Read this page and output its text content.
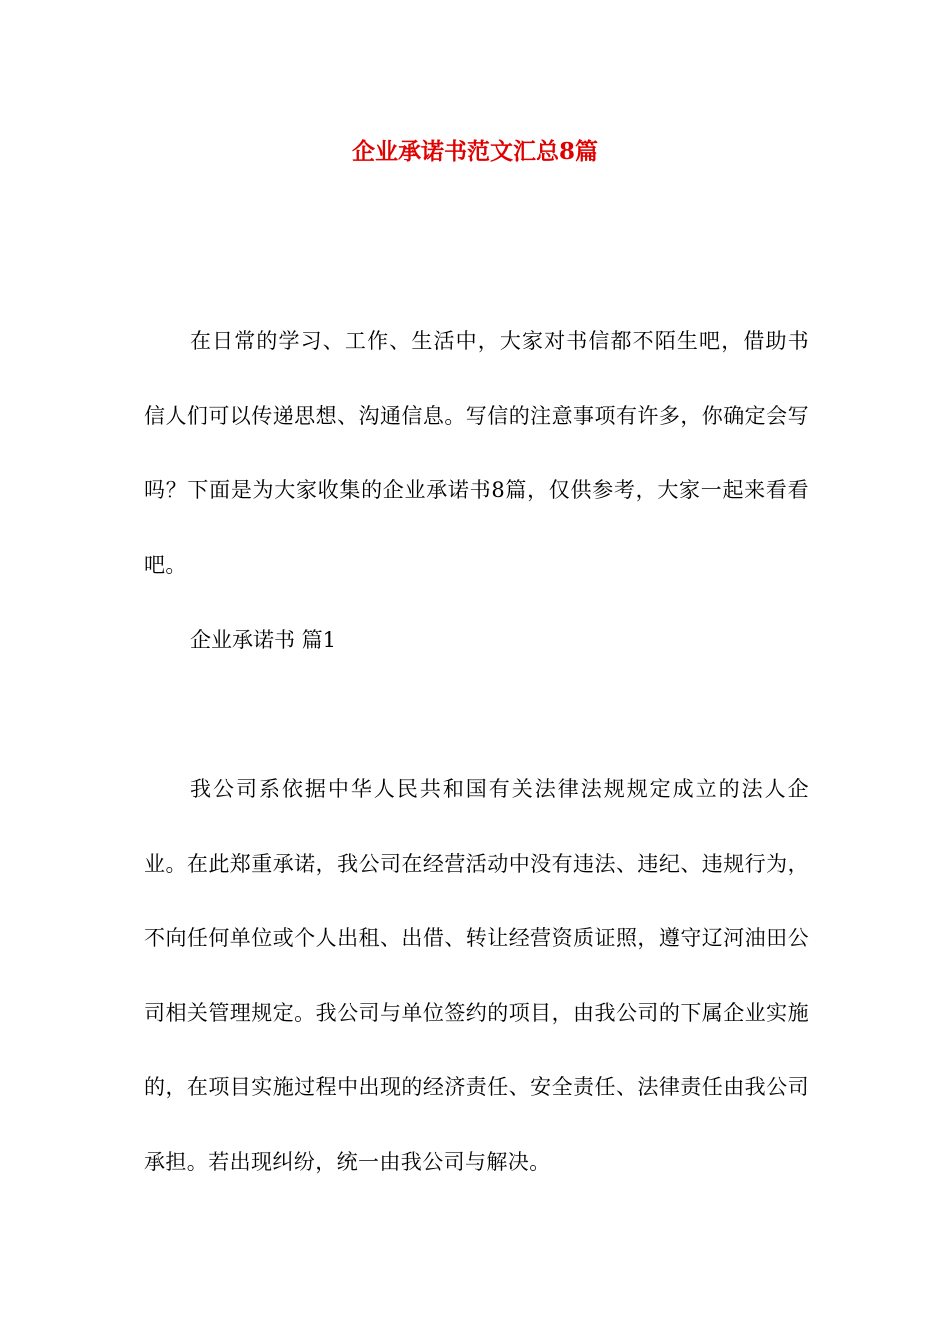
企业承诺书范文汇总8篇

在日常的学习、工作、生活中，大家对书信都不陌生吧，借助书信人们可以传递思想、沟通信息。写信的注意事项有许多，你确定会写吗？下面是为大家收集的企业承诺书8篇，仅供参考，大家一起来看看吧。

企业承诺书 篇1

我公司系依据中华人民共和国有关法律法规规定成立的法人企业。在此郑重承诺，我公司在经营活动中没有违法、违纪、违规行为，不向任何单位或个人出租、出借、转让经营资质证照，遵守辽河油田公司相关管理规定。我公司与单位签约的项目，由我公司的下属企业实施的，在项目实施过程中出现的经济责任、安全责任、法律责任由我公司承担。若出现纠纷，统一由我公司与解决。
